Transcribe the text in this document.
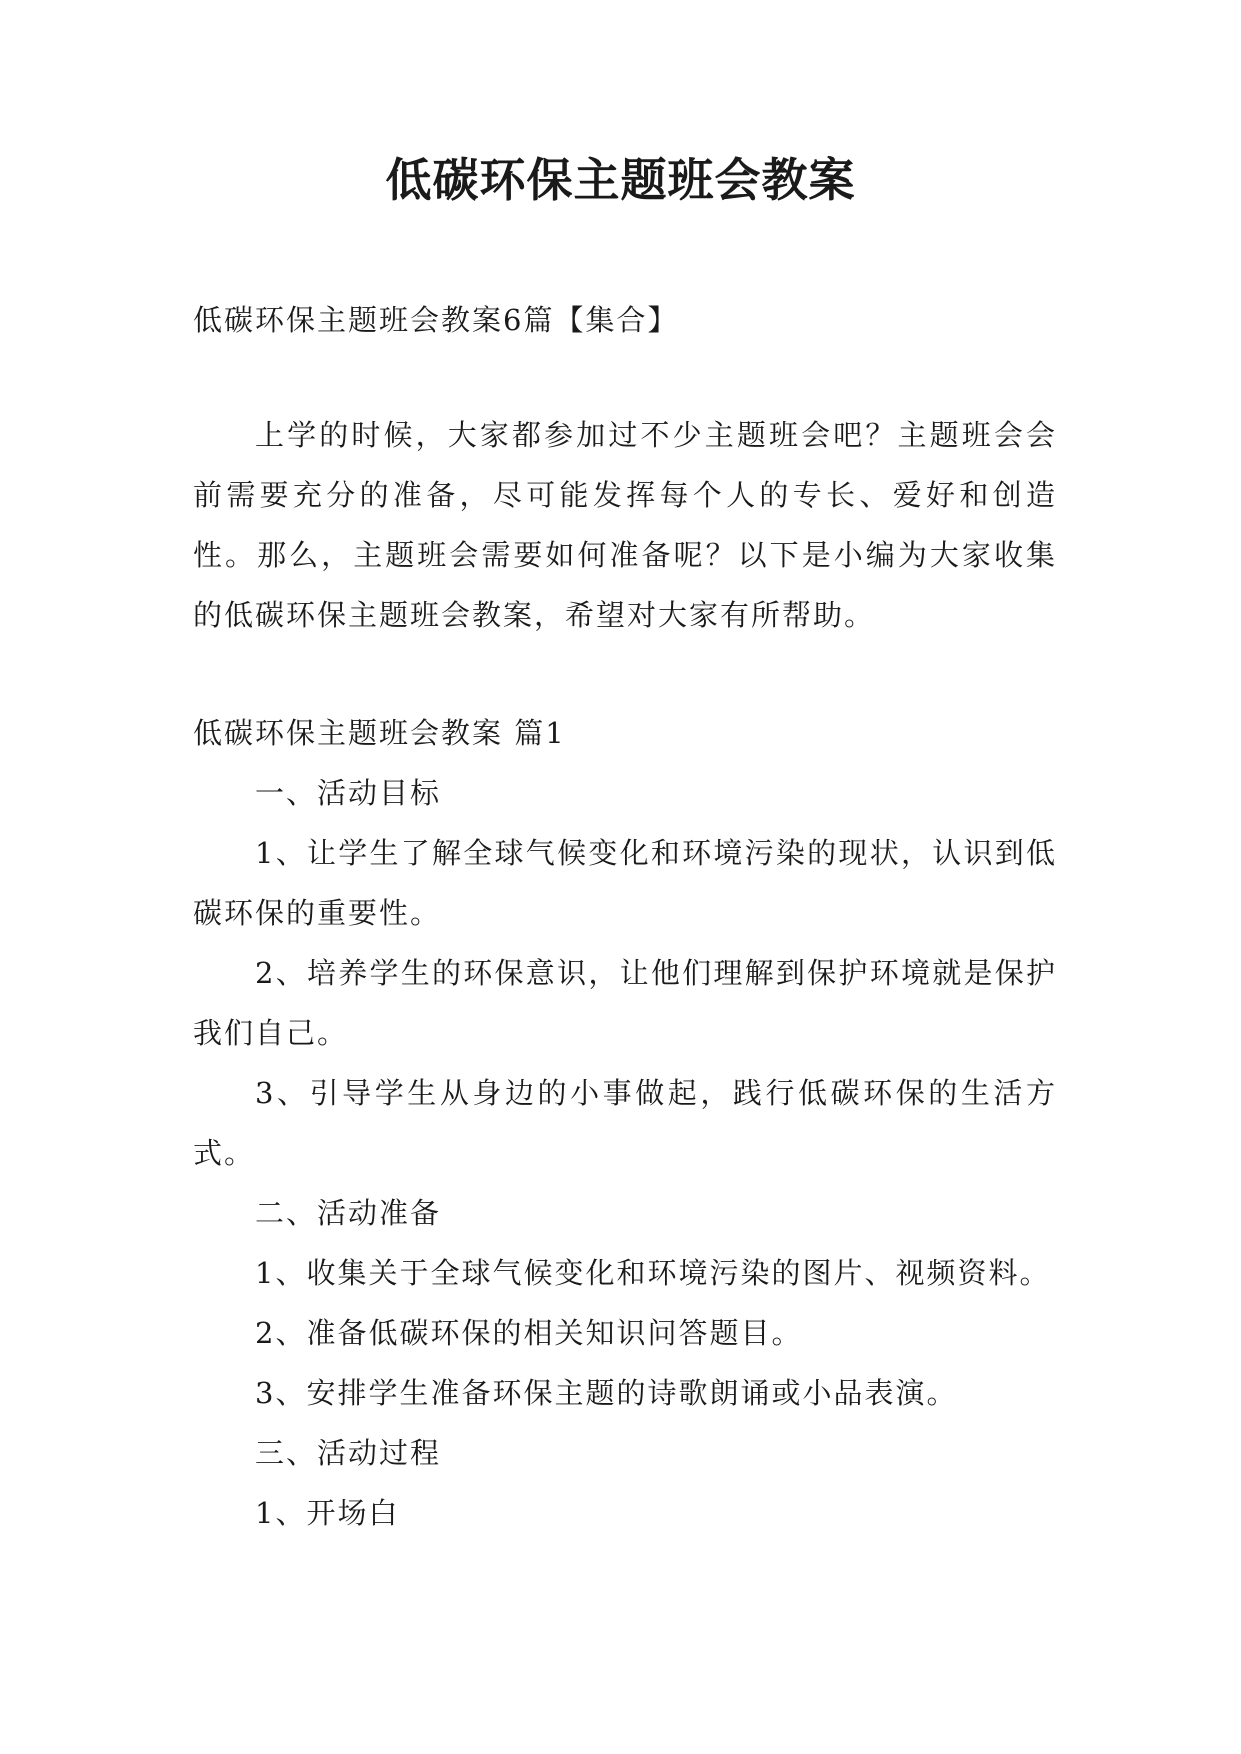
低碳环保主题班会教案

低碳环保主题班会教案6篇【集合】

上学的时候，大家都参加过不少主题班会吧？主题班会会前需要充分的准备，尽可能发挥每个人的专长、爱好和创造性。那么，主题班会需要如何准备呢？以下是小编为大家收集的低碳环保主题班会教案，希望对大家有所帮助。

低碳环保主题班会教案 篇1

一、活动目标

1、让学生了解全球气候变化和环境污染的现状，认识到低碳环保的重要性。

2、培养学生的环保意识，让他们理解到保护环境就是保护我们自己。

3、引导学生从身边的小事做起，践行低碳环保的生活方式。

二、活动准备

1、收集关于全球气候变化和环境污染的图片、视频资料。

2、准备低碳环保的相关知识问答题目。

3、安排学生准备环保主题的诗歌朗诵或小品表演。

三、活动过程

1、开场白
